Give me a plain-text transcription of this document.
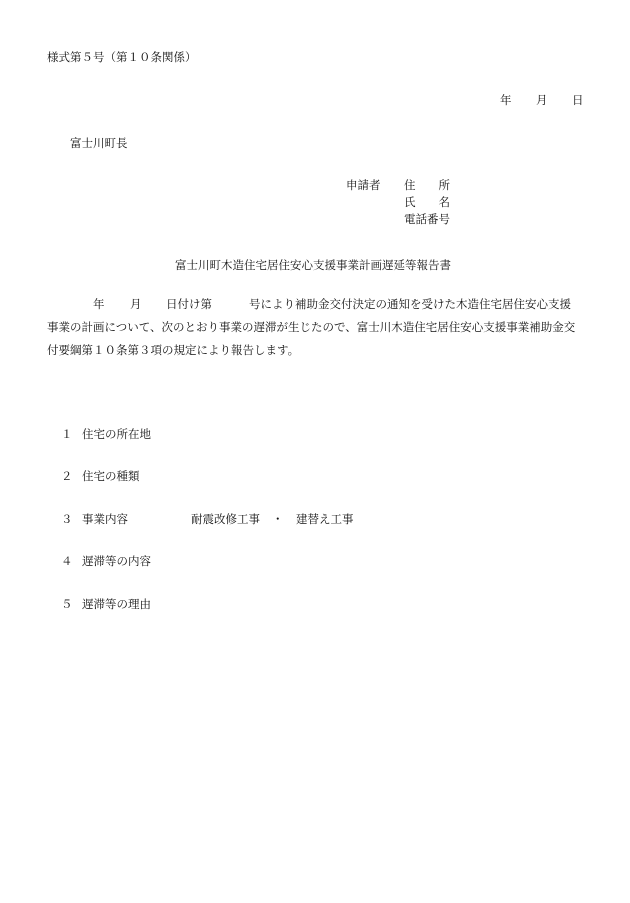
様式第５号（第１０条関係）
年 月 日
富士川町長
申請者 住　　所
氏　　名
電話番号
富士川町木造住宅居住安心支援事業計画遅延等報告書
年 月 日付け第	号により補助金交付決定の通知を受けた木造住宅居住安心支援
事業の計画について、次のとおり事業の遅滞が生じたので、富士川木造住宅居住安心支援事業補助金交
付要綱第１０条第３項の規定により報告します。
１ 住宅の所在地
２ 住宅の種類
３ 事業内容	耐震改修工事 ・ 建替え工事
４ 遅滞等の内容
５ 遅滞等の理由
